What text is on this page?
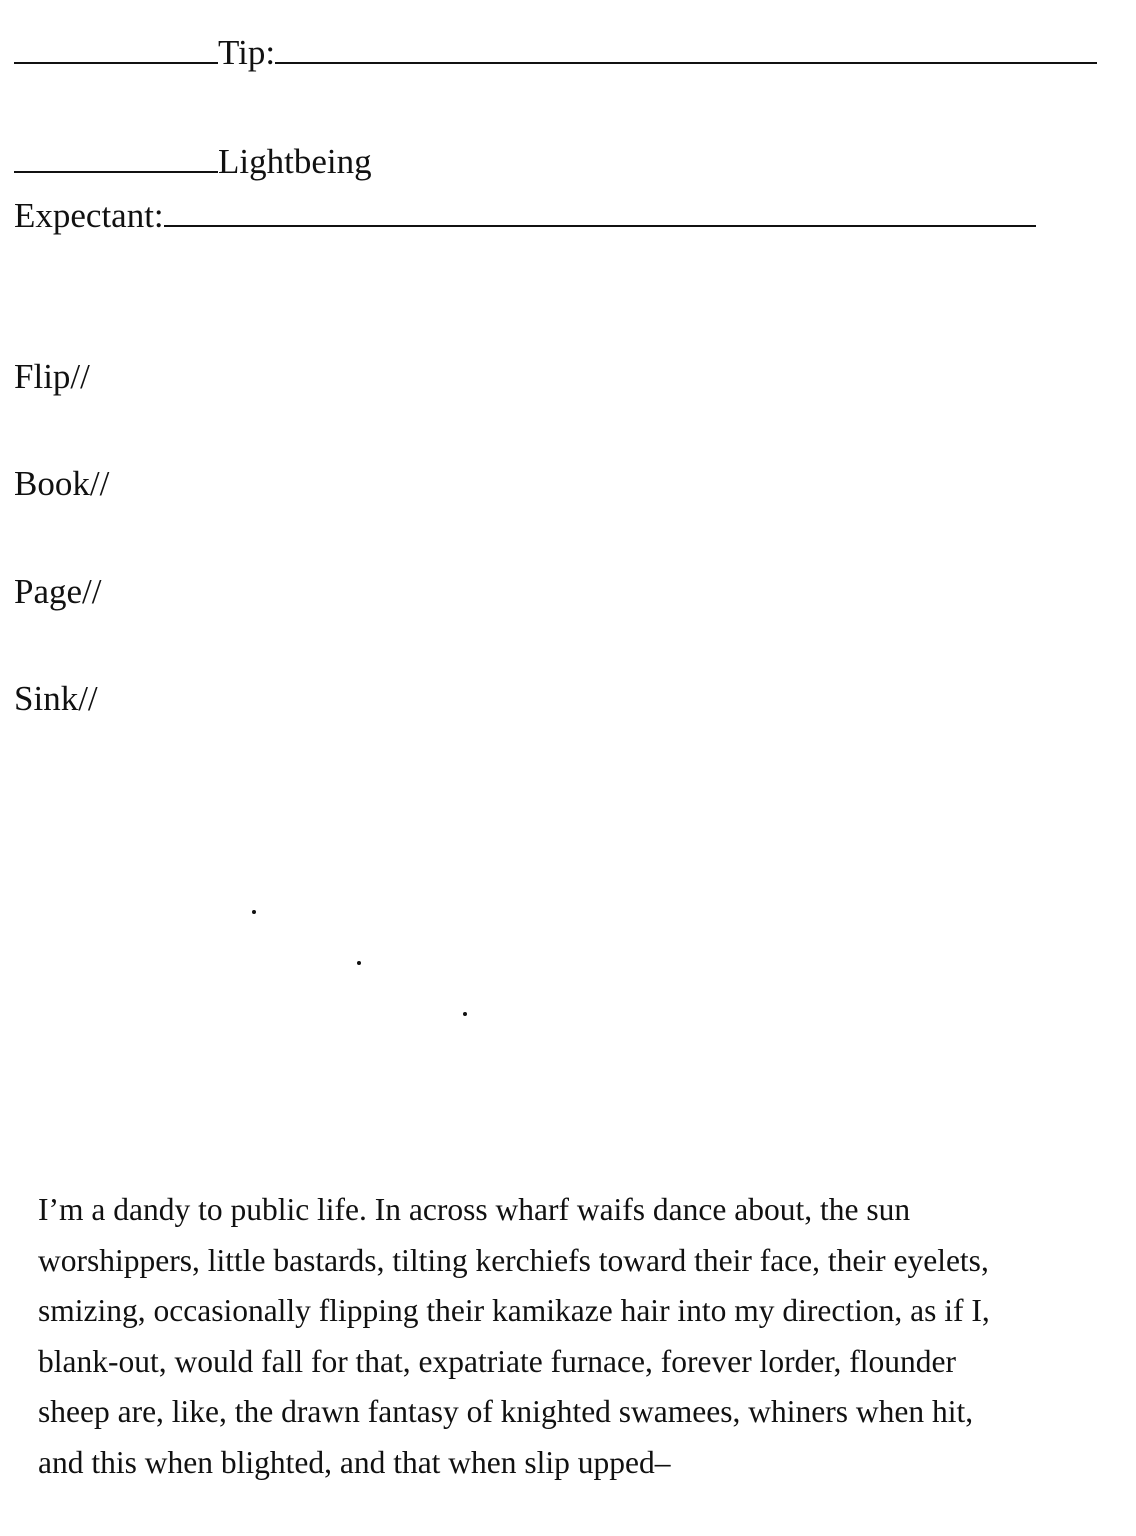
Tip:
Lightbeing
Expectant:
Flip//
Book//
Page//
Sink//

I’m a dandy to public life. In across wharf waifs dance about, the sun
worshippers, little bastards, tilting kerchiefs toward their face, their eyelets,
smizing, occasionally flipping their kamikaze hair into my direction, as if I,
blank-out, would fall for that, expatriate furnace, forever lorder, flounder
sheep are, like, the drawn fantasy of knighted swamees, whiners when hit,
and this when blighted, and that when slip upped–
